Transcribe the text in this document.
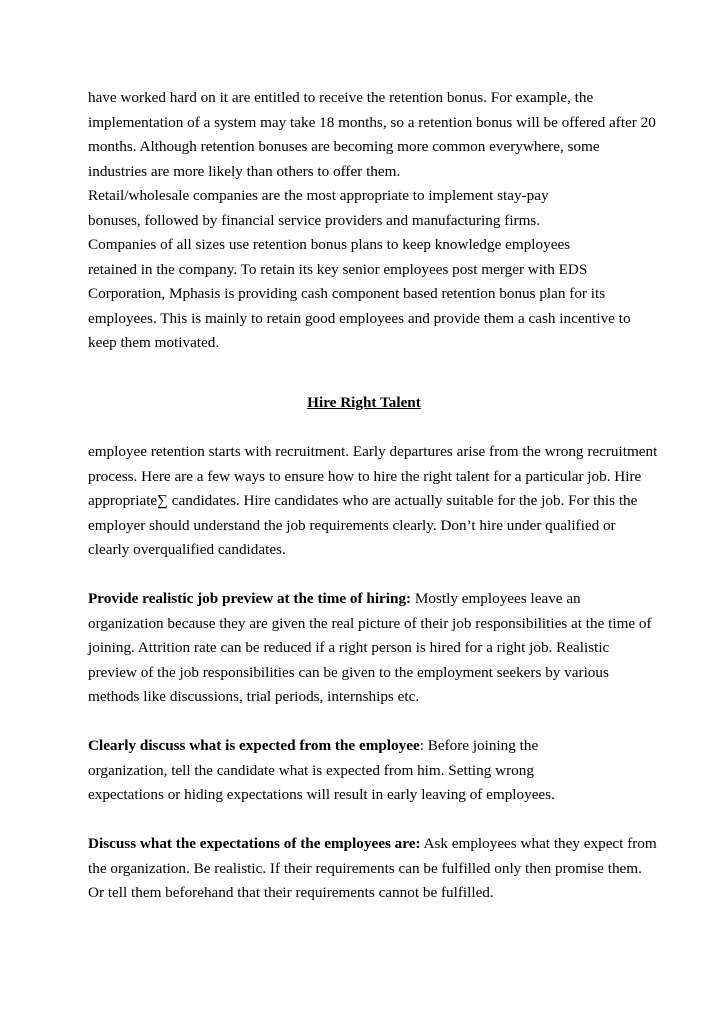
have worked hard on it are entitled to receive the retention bonus. For example, the
implementation of a system may take 18 months, so a retention bonus will be offered after 20
months. Although retention bonuses are becoming more common everywhere, some
industries are more likely than others to offer them.
Retail/wholesale companies are the most appropriate to implement stay-pay
bonuses, followed by financial service providers and manufacturing firms.
Companies of all sizes use retention bonus plans to keep knowledge employees
retained in the company. To retain its key senior employees post merger with EDS
Corporation, Mphasis is providing cash component based retention bonus plan for its
employees. This is mainly to retain good employees and provide them a cash incentive to
keep them motivated.
Hire Right Talent
employee retention starts with recruitment. Early departures arise from the wrong recruitment
process. Here are a few ways to ensure how to hire the right talent for a particular job. Hire
appropriate∑ candidates. Hire candidates who are actually suitable for the job. For this the
employer should understand the job requirements clearly. Don’t hire under qualified or
clearly overqualified candidates.
Provide realistic job preview at the time of hiring: Mostly employees leave an
organization because they are given the real picture of their job responsibilities at the time of
joining. Attrition rate can be reduced if a right person is hired for a right job. Realistic
preview of the job responsibilities can be given to the employment seekers by various
methods like discussions, trial periods, internships etc.
Clearly discuss what is expected from the employee: Before joining the
organization, tell the candidate what is expected from him. Setting wrong
expectations or hiding expectations will result in early leaving of employees.
Discuss what the expectations of the employees are: Ask employees what they expect from
the organization. Be realistic. If their requirements can be fulfilled only then promise them.
Or tell them beforehand that their requirements cannot be fulfilled.
